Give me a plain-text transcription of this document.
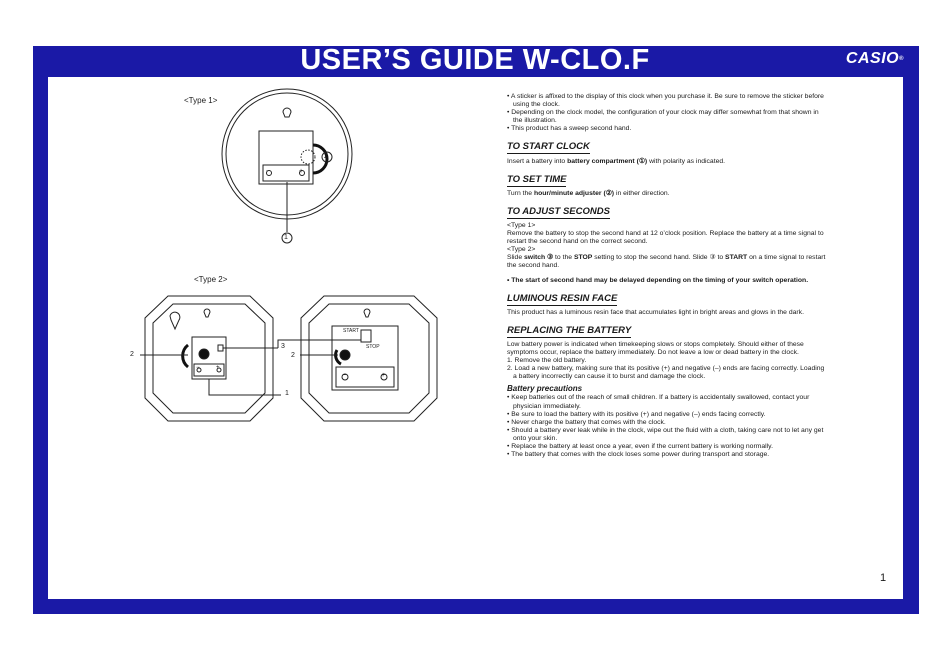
USER’S GUIDE W-CLO.F	CASIO®
<Type 1>
<Type 2>
1
2
2
3
2
1
START
STOP
−	+
−	+
−	+

• A sticker is affixed to the display of this clock when you purchase it. Be sure to remove the sticker before using the clock.

• Depending on the clock model, the configuration of your clock may differ somewhat from that shown in the illustration.

• This product has a sweep second hand.

TO START CLOCK

Insert a battery into battery compartment (①) with polarity as indicated.

TO SET TIME

Turn the hour/minute adjuster (②) in either direction.

TO ADJUST SECONDS

<Type 1>

Remove the battery to stop the second hand at 12 o’clock position. Replace the battery at a time signal to restart the second hand on the correct second.

<Type 2>

Slide switch ③ to the STOP setting to stop the second hand. Slide ③ to START on a time signal to restart the second hand.

• The start of second hand may be delayed depending on the timing of your switch operation.

LUMINOUS RESIN FACE

This product has a luminous resin face that accumulates light in bright areas and glows in the dark.

REPLACING THE BATTERY

Low battery power is indicated when timekeeping slows or stops completely. Should either of these symptoms occur, replace the battery immediately. Do not leave a low or dead battery in the clock.

1. Remove the old battery.

2. Load a new battery, making sure that its positive (+) and negative (–) ends are facing correctly. Loading a battery incorrectly can cause it to burst and damage the clock.

Battery precautions

• Keep batteries out of the reach of small children. If a battery is accidentally swallowed, contact your physician immediately.

• Be sure to load the battery with its positive (+) and negative (–) ends facing correctly.

• Never charge the battery that comes with the clock.

• Should a battery ever leak while in the clock, wipe out the fluid with a cloth, taking care not to let any get onto your skin.

• Replace the battery at least once a year, even if the current battery is working normally.

• The battery that comes with the clock loses some power during transport and storage.

1
